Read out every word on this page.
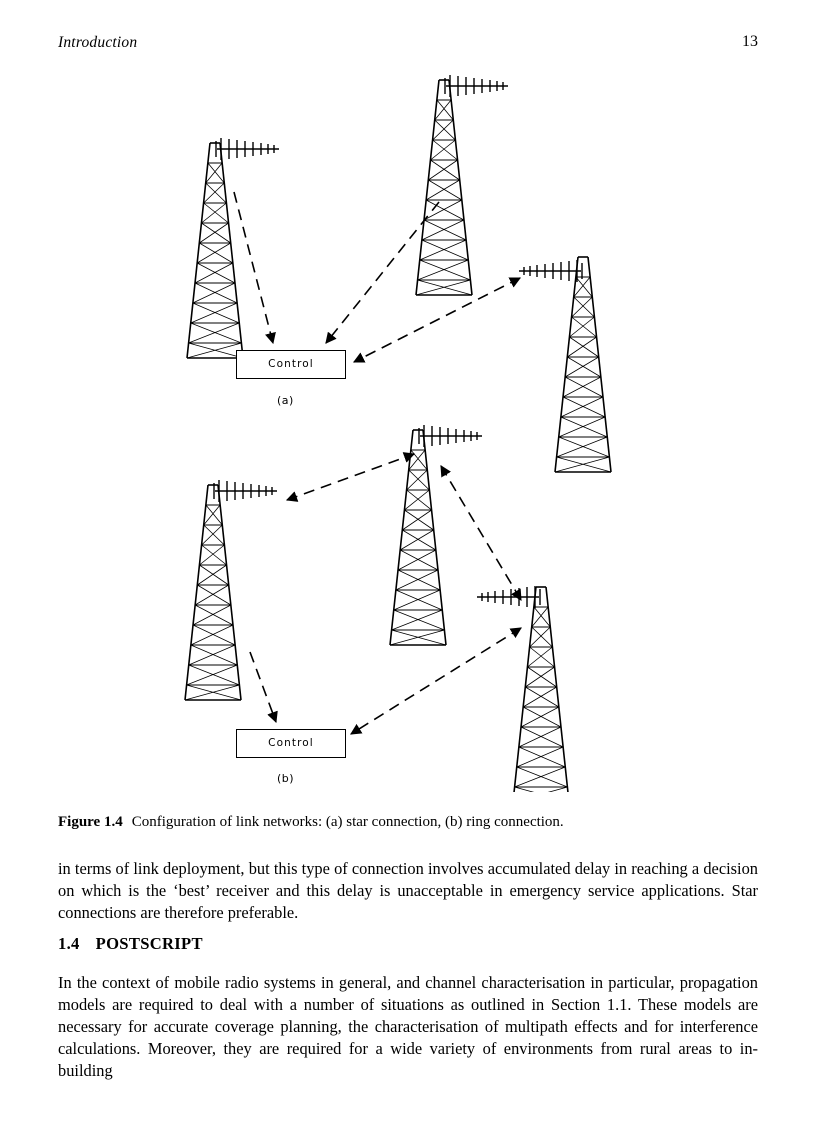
Introduction	13
Control
Control
(a)
(b)
Figure 1.4 Configuration of link networks: (a) star connection, (b) ring connection.
in terms of link deployment, but this type of connection involves accumulated delay in reaching a decision on which is the ‘best’ receiver and this delay is unacceptable in emergency service applications. Star connections are therefore preferable.
1.4 POSTSCRIPT
In the context of mobile radio systems in general, and channel characterisation in particular, propagation models are required to deal with a number of situations as outlined in Section 1.1. These models are necessary for accurate coverage planning, the characterisation of multipath effects and for interference calculations. Moreover, they are required for a wide variety of environments from rural areas to in-building
